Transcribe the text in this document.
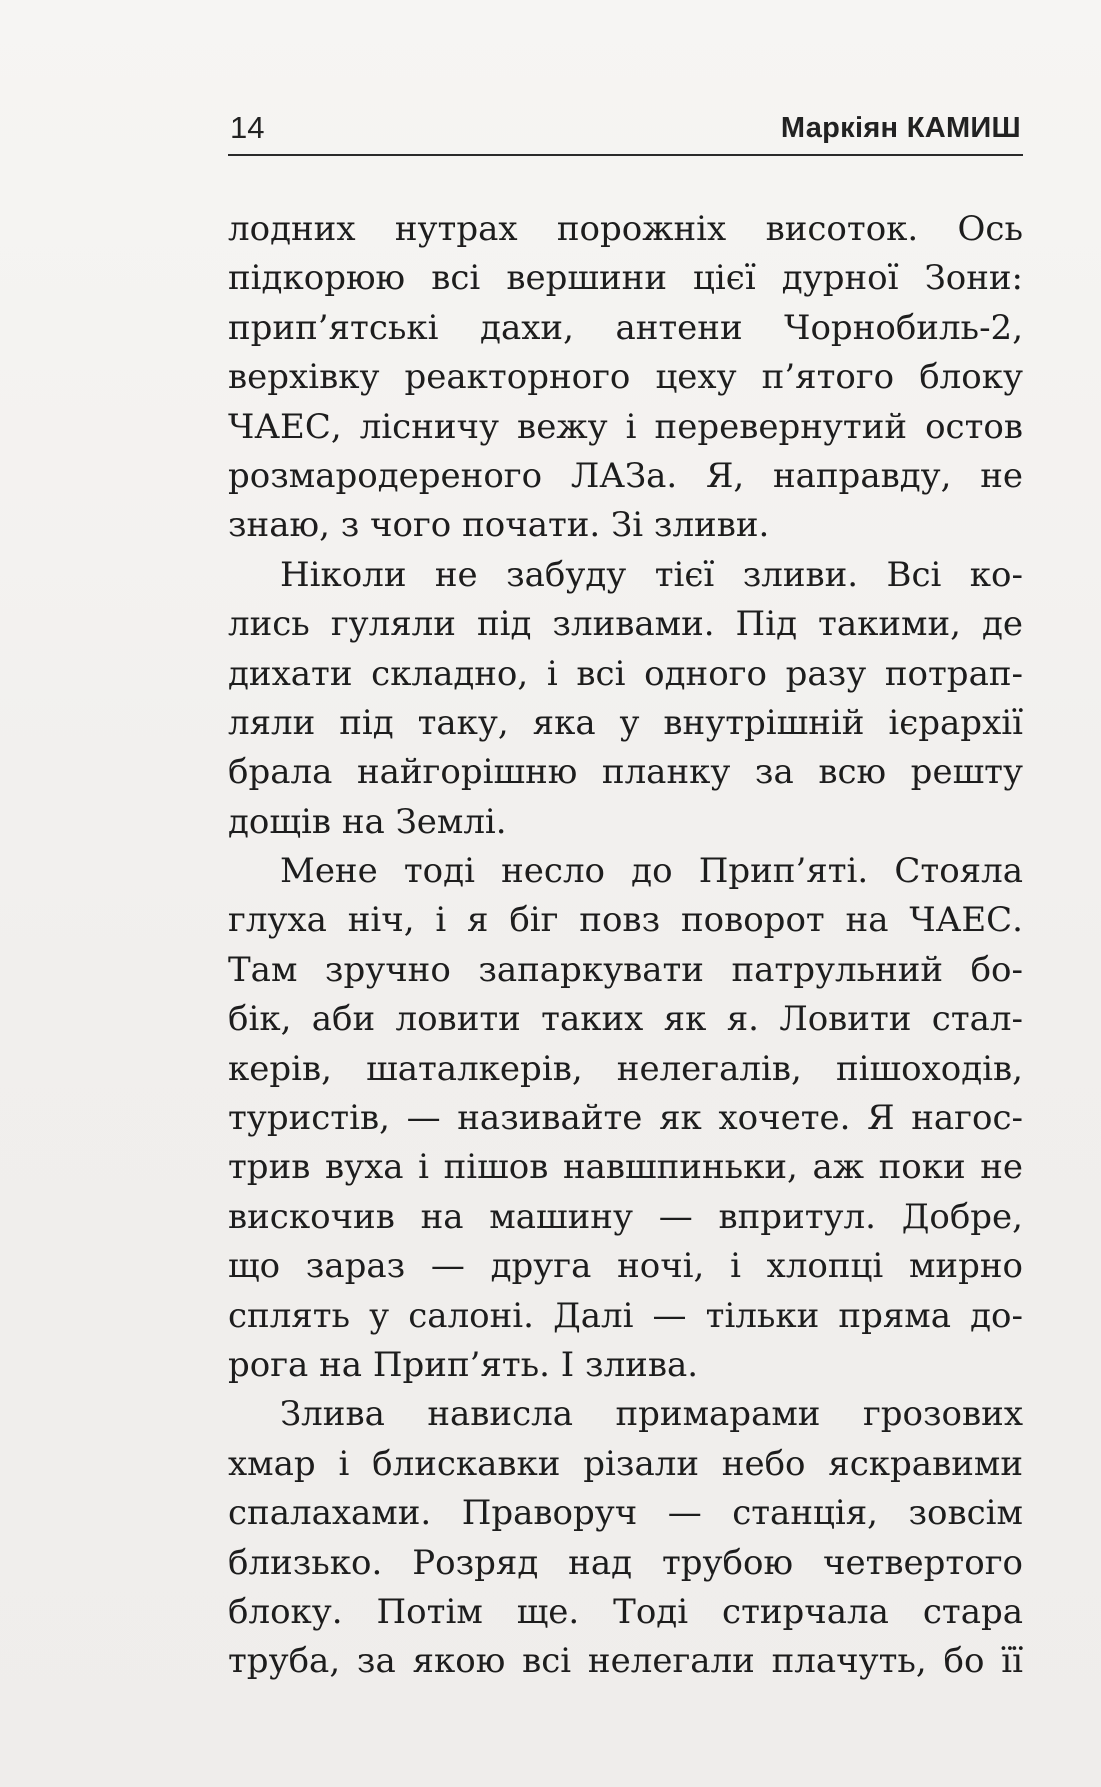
14	Маркіян КАМИШ
лодних нутрах порожніх висоток. Ось
підкорюю всі вершини цієї дурної Зони:
прип’ятські дахи, антени Чорнобиль-2,
верхівку реакторного цеху п’ятого блоку
ЧАЕС, лісничу вежу і перевернутий остов
розмародереного ЛАЗа. Я, направду, не
знаю, з чого почати. Зі зливи.
Ніколи не забуду тієї зливи. Всі ко-
лись гуляли під зливами. Під такими, де
дихати складно, і всі одного разу потрап-
ляли під таку, яка у внутрішній ієрархії
брала найгорішню планку за всю решту
дощів на Землі.
Мене тоді несло до Прип’яті. Стояла
глуха ніч, і я біг повз поворот на ЧАЕС.
Там зручно запаркувати патрульний бо-
бік, аби ловити таких як я. Ловити стал-
керів, шаталкерів, нелегалів, пішоходів,
туристів, — називайте як хочете. Я нагос-
трив вуха і пішов навшпиньки, аж поки не
вискочив на машину — впритул. Добре,
що зараз — друга ночі, і хлопці мирно
сплять у салоні. Далі — тільки пряма до-
рога на Прип’ять. І злива.
Злива нависла примарами грозових
хмар і блискавки різали небо яскравими
спалахами. Праворуч — станція, зовсім
близько. Розряд над трубою четвертого
блоку. Потім ще. Тоді стирчала стара
труба, за якою всі нелегали плачуть, бо її
